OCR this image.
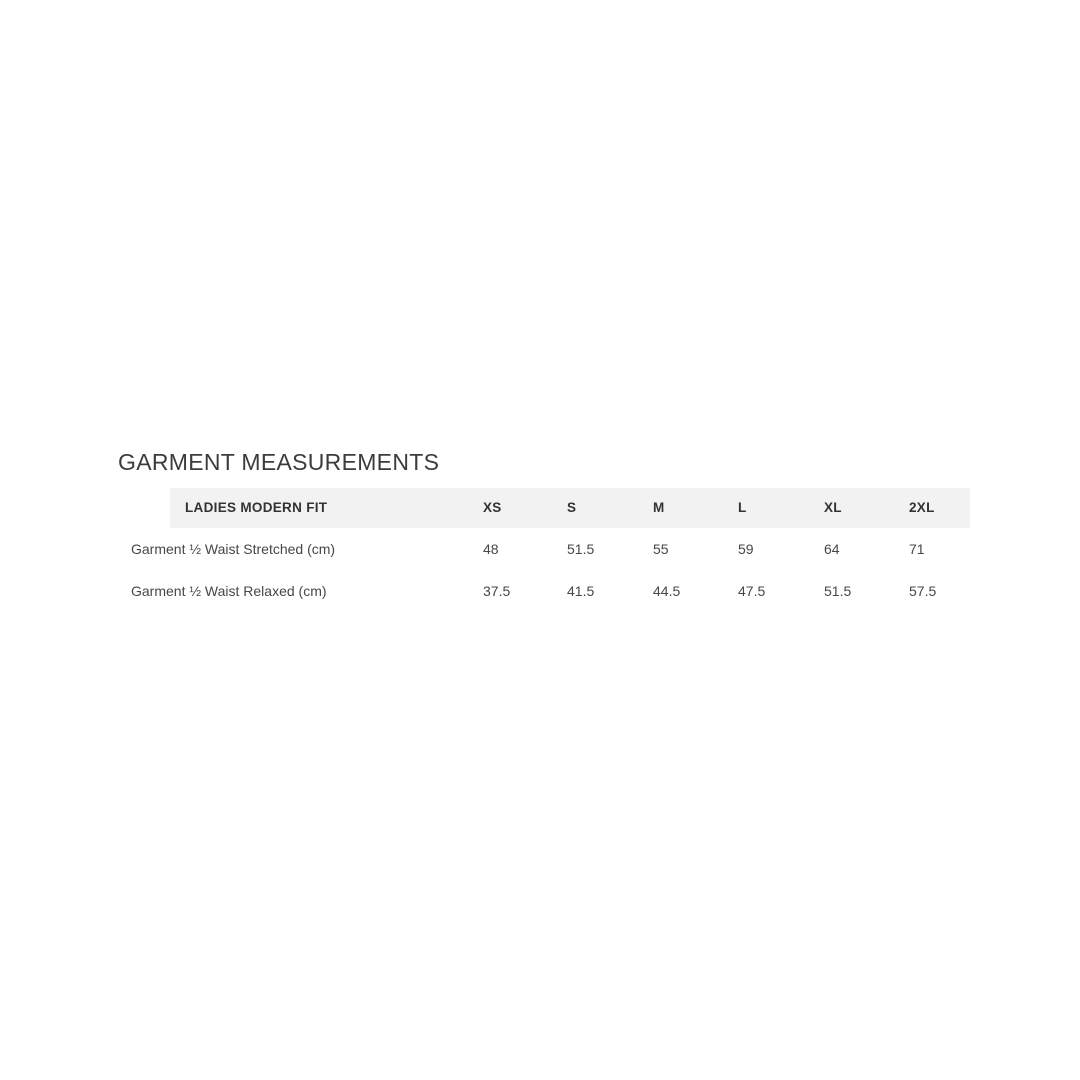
GARMENT MEASUREMENTS
LADIES MODERN FIT	XS	S	M	L	XL	2XL
Garment ½ Waist Stretched (cm)	48	51.5	55	59	64	71
Garment ½ Waist Relaxed (cm)	37.5	41.5	44.5	47.5	51.5	57.5
